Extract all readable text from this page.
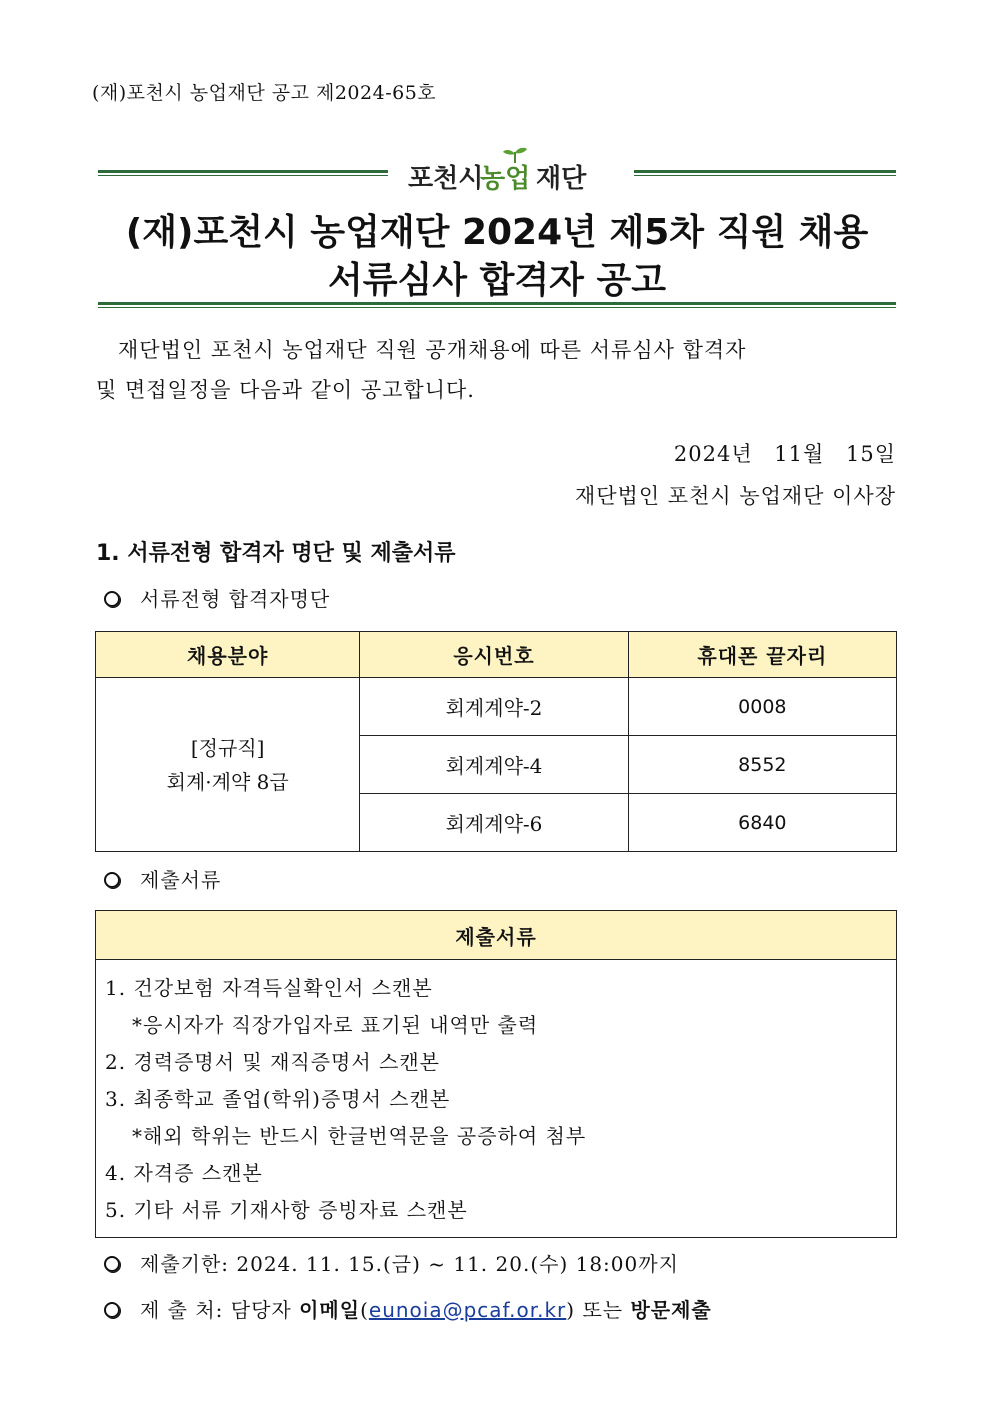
(재)포천시 농업재단 공고 제2024-65호
포천시
농업 재단
(재)포천시 농업재단 2024년 제5차 직원 채용
서류심사 합격자 공고
재단법인 포천시 농업재단 직원 공개채용에 따른 서류심사 합격자
및 면접일정을 다음과 같이 공고합니다.
2024년 11월 15일
재단법인 포천시 농업재단 이사장
1. 서류전형 합격자 명단 및 제출서류
서류전형 합격자명단
채용분야	응시번호	휴대폰 끝자리

[정규직]
회계·계약 8급	회계계약-2	0008
	회계계약-4	8552
	회계계약-6	6840
제출서류
제출서류

1. 건강보험 자격득실확인서 스캔본
*응시자가 직장가입자로 표기된 내역만 출력
2. 경력증명서 및 재직증명서 스캔본
3. 최종학교 졸업(학위)증명서 스캔본
*해외 학위는 반드시 한글번역문을 공증하여 첨부
4. 자격증 스캔본
5. 기타 서류 기재사항 증빙자료 스캔본
제출기한: 2024. 11. 15.(금) ~ 11. 20.(수) 18:00까지
제 출 처: 담당자 이메일(eunoia@pcaf.or.kr) 또는 방문제출
